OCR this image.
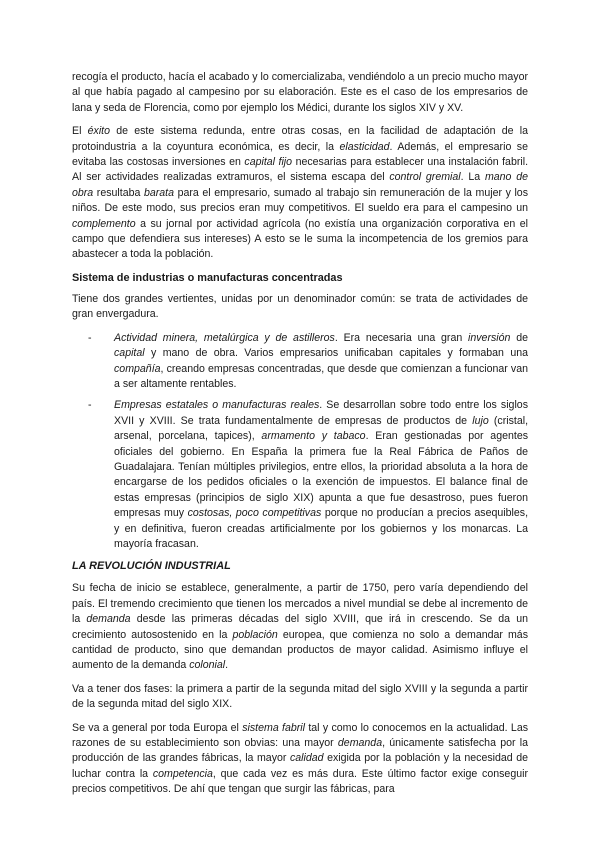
recogía el producto, hacía el acabado y lo comercializaba, vendiéndolo a un precio mucho mayor al que había pagado al campesino por su elaboración. Este es el caso de los empresarios de lana y seda de Florencia, como por ejemplo los Médici, durante los siglos XIV y XV.

El éxito de este sistema redunda, entre otras cosas, en la facilidad de adaptación de la protoindustria a la coyuntura económica, es decir, la elasticidad. Además, el empresario se evitaba las costosas inversiones en capital fijo necesarias para establecer una instalación fabril. Al ser actividades realizadas extramuros, el sistema escapa del control gremial. La mano de obra resultaba barata para el empresario, sumado al trabajo sin remuneración de la mujer y los niños. De este modo, sus precios eran muy competitivos. El sueldo era para el campesino un complemento a su jornal por actividad agrícola (no existía una organización corporativa en el campo que defendiera sus intereses) A esto se le suma la incompetencia de los gremios para abastecer a toda la población.

Sistema de industrias o manufacturas concentradas

Tiene dos grandes vertientes, unidas por un denominador común: se trata de actividades de gran envergadura.

- Actividad minera, metalúrgica y de astilleros. Era necesaria una gran inversión de capital y mano de obra. Varios empresarios unificaban capitales y formaban una compañía, creando empresas concentradas, que desde que comienzan a funcionar van a ser altamente rentables.
- Empresas estatales o manufacturas reales. Se desarrollan sobre todo entre los siglos XVII y XVIII. Se trata fundamentalmente de empresas de productos de lujo (cristal, arsenal, porcelana, tapices), armamento y tabaco. Eran gestionadas por agentes oficiales del gobierno. En España la primera fue la Real Fábrica de Paños de Guadalajara. Tenían múltiples privilegios, entre ellos, la prioridad absoluta a la hora de encargarse de los pedidos oficiales o la exención de impuestos. El balance final de estas empresas (principios de siglo XIX) apunta a que fue desastroso, pues fueron empresas muy costosas, poco competitivas porque no producían a precios asequibles, y en definitiva, fueron creadas artificialmente por los gobiernos y los monarcas. La mayoría fracasan.
LA REVOLUCIÓN INDUSTRIAL

Su fecha de inicio se establece, generalmente, a partir de 1750, pero varía dependiendo del país. El tremendo crecimiento que tienen los mercados a nivel mundial se debe al incremento de la demanda desde las primeras décadas del siglo XVIII, que irá in crescendo. Se da un crecimiento autosostenido en la población europea, que comienza no solo a demandar más cantidad de producto, sino que demandan productos de mayor calidad. Asimismo influye el aumento de la demanda colonial.

Va a tener dos fases: la primera a partir de la segunda mitad del siglo XVIII y la segunda a partir de la segunda mitad del siglo XIX.

Se va a general por toda Europa el sistema fabril tal y como lo conocemos en la actualidad. Las razones de su establecimiento son obvias: una mayor demanda, únicamente satisfecha por la producción de las grandes fábricas, la mayor calidad exigida por la población y la necesidad de luchar contra la competencia, que cada vez es más dura. Este último factor exige conseguir precios competitivos. De ahí que tengan que surgir las fábricas, para
